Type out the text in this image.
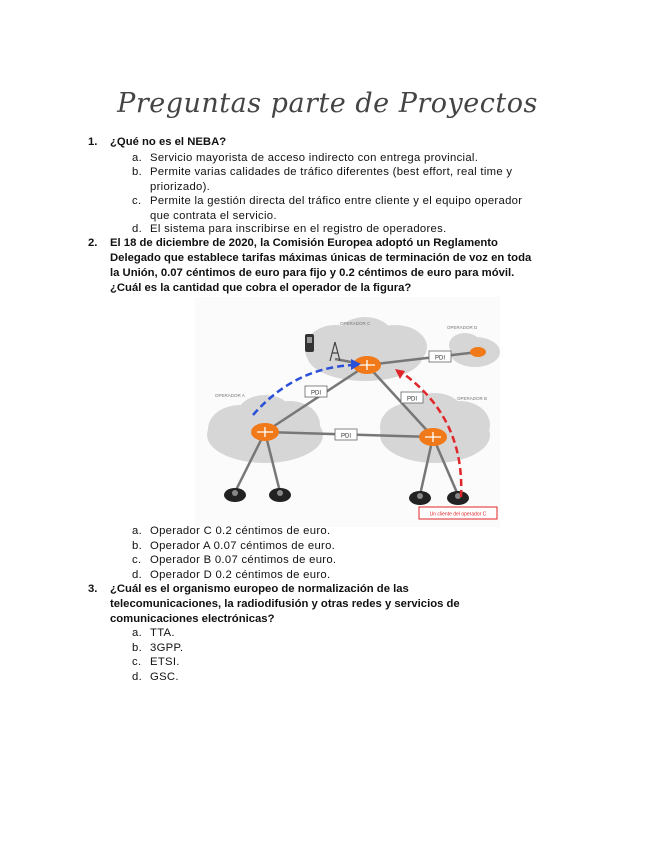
Preguntas parte de Proyectos
1. ¿Qué no es el NEBA?
a. Servicio mayorista de acceso indirecto con entrega provincial.
b. Permite varias calidades de tráfico diferentes (best effort, real time y priorizado).
c. Permite la gestión directa del tráfico entre cliente y el equipo operador que contrata el servicio.
d. El sistema para inscribirse en el registro de operadores.
2. El 18 de diciembre de 2020, la Comisión Europea adoptó un Reglamento Delegado que establece tarifas máximas únicas de terminación de voz en toda la Unión, 0.07 céntimos de euro para fijo y 0.2 céntimos de euro para móvil. ¿Cuál es la cantidad que cobra el operador de la figura?
PDI
PDI
PDI
PDI
OPERADOR A
OPERADOR B
OPERADOR C
OPERADOR D
Un cliente del operador C
a. Operador C 0.2 céntimos de euro.
b. Operador A 0.07 céntimos de euro.
c. Operador B 0.07 céntimos de euro.
d. Operador D 0.2 céntimos de euro.
3. ¿Cuál es el organismo europeo de normalización de las telecomunicaciones, la radiodifusión y otras redes y servicios de comunicaciones electrónicas?
a. TTA.
b. 3GPP.
c. ETSI.
d. GSC.
